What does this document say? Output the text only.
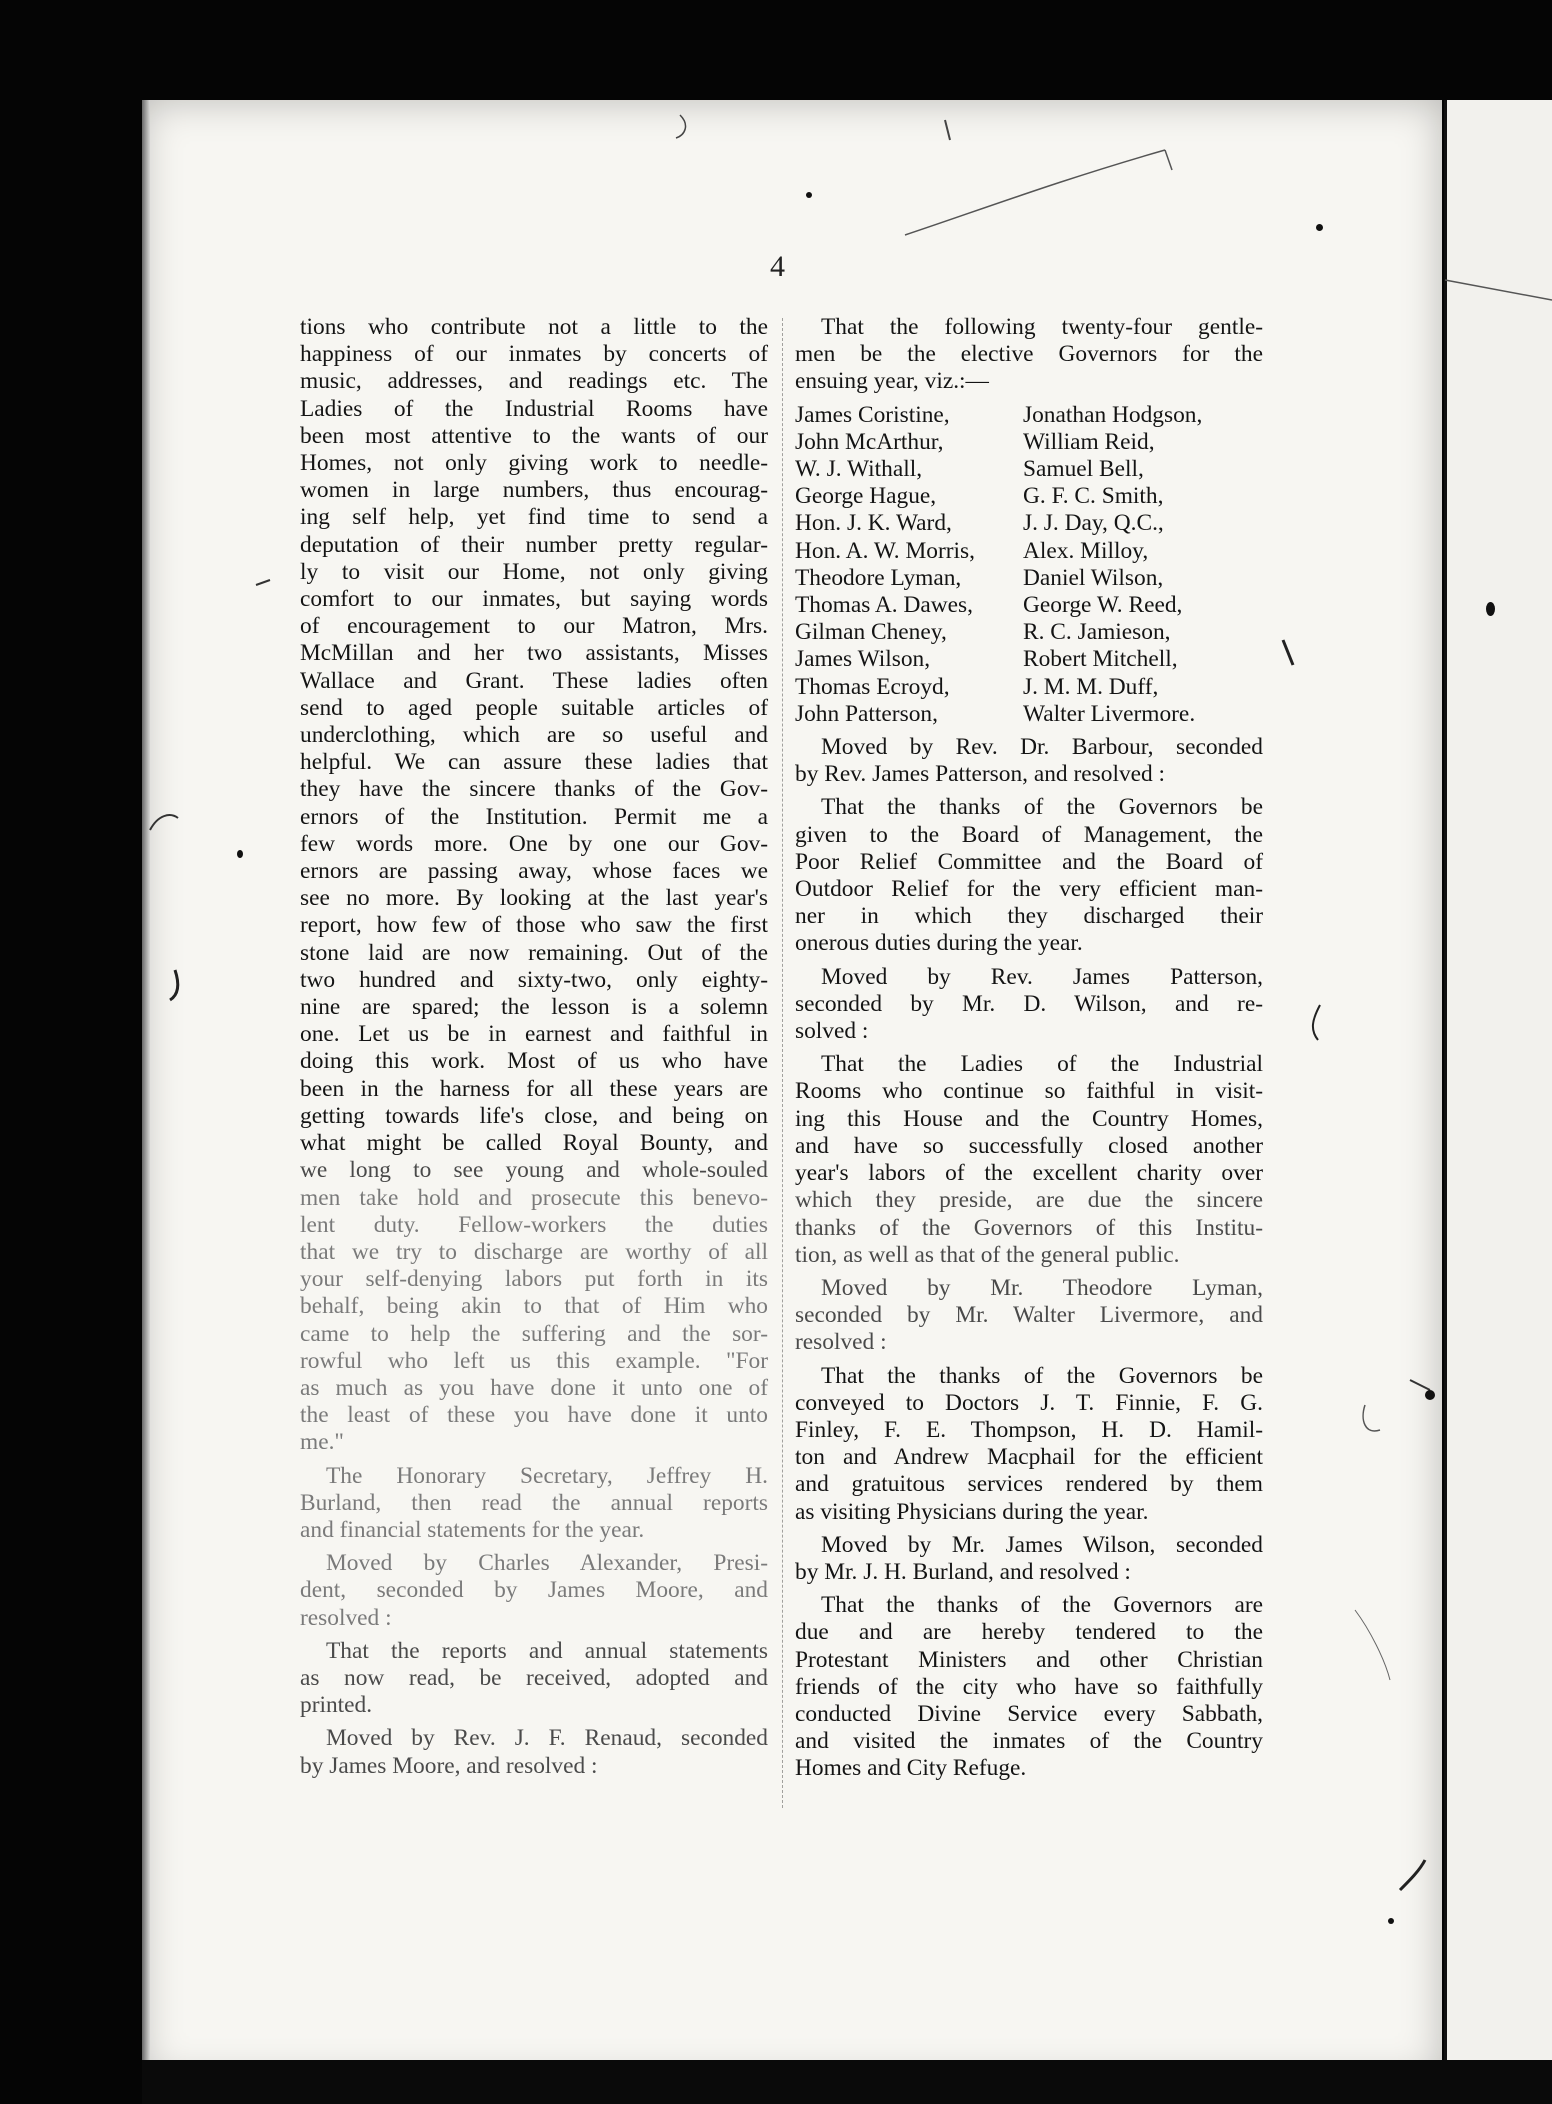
4
tions who contribute not a little to the
happiness of our inmates by concerts of
music, addresses, and readings etc. The
Ladies of the Industrial Rooms have
been most attentive to the wants of our
Homes, not only giving work to needle-
women in large numbers, thus encourag-
ing self help, yet find time to send a
deputation of their number pretty regular-
ly to visit our Home, not only giving
comfort to our inmates, but saying words
of encouragement to our Matron, Mrs.
McMillan and her two assistants, Misses
Wallace and Grant. These ladies often
send to aged people suitable articles of
underclothing, which are so useful and
helpful. We can assure these ladies that
they have the sincere thanks of the Gov-
ernors of the Institution. Permit me a
few words more. One by one our Gov-
ernors are passing away, whose faces we
see no more. By looking at the last year's
report, how few of those who saw the first
stone laid are now remaining. Out of the
two hundred and sixty-two, only eighty-
nine are spared; the lesson is a solemn
one. Let us be in earnest and faithful in
doing this work. Most of us who have
been in the harness for all these years are
getting towards life's close, and being on
what might be called Royal Bounty, and
we long to see young and whole-souled
men take hold and prosecute this benevo-
lent duty. Fellow-workers the duties
that we try to discharge are worthy of all
your self-denying labors put forth in its
behalf, being akin to that of Him who
came to help the suffering and the sor-
rowful who left us this example. "For
as much as you have done it unto one of
the least of these you have done it unto
me."
The Honorary Secretary, Jeffrey H.
Burland, then read the annual reports
and financial statements for the year.
Moved by Charles Alexander, Presi-
dent, seconded by James Moore, and
resolved :
That the reports and annual statements
as now read, be received, adopted and
printed.
Moved by Rev. J. F. Renaud, seconded
by James Moore, and resolved :
That the following twenty-four gentle-
men be the elective Governors for the
ensuing year, viz.:—
James Coristine,	Jonathan Hodgson,
John McArthur,	William Reid,
W. J. Withall,	Samuel Bell,
George Hague,	G. F. C. Smith,
Hon. J. K. Ward,	J. J. Day, Q.C.,
Hon. A. W. Morris,	Alex. Milloy,
Theodore Lyman,	Daniel Wilson,
Thomas A. Dawes,	George W. Reed,
Gilman Cheney,	R. C. Jamieson,
James Wilson,	Robert Mitchell,
Thomas Ecroyd,	J. M. M. Duff,
John Patterson,	Walter Livermore.
Moved by Rev. Dr. Barbour, seconded
by Rev. James Patterson, and resolved :
That the thanks of the Governors be
given to the Board of Management, the
Poor Relief Committee and the Board of
Outdoor Relief for the very efficient man-
ner in which they discharged their
onerous duties during the year.
Moved by Rev. James Patterson,
seconded by Mr. D. Wilson, and re-
solved :
That the Ladies of the Industrial
Rooms who continue so faithful in visit-
ing this House and the Country Homes,
and have so successfully closed another
year's labors of the excellent charity over
which they preside, are due the sincere
thanks of the Governors of this Institu-
tion, as well as that of the general public.
Moved by Mr. Theodore Lyman,
seconded by Mr. Walter Livermore, and
resolved :
That the thanks of the Governors be
conveyed to Doctors J. T. Finnie, F. G.
Finley, F. E. Thompson, H. D. Hamil-
ton and Andrew Macphail for the efficient
and gratuitous services rendered by them
as visiting Physicians during the year.
Moved by Mr. James Wilson, seconded
by Mr. J. H. Burland, and resolved :
That the thanks of the Governors are
due and are hereby tendered to the
Protestant Ministers and other Christian
friends of the city who have so faithfully
conducted Divine Service every Sabbath,
and visited the inmates of the Country
Homes and City Refuge.
